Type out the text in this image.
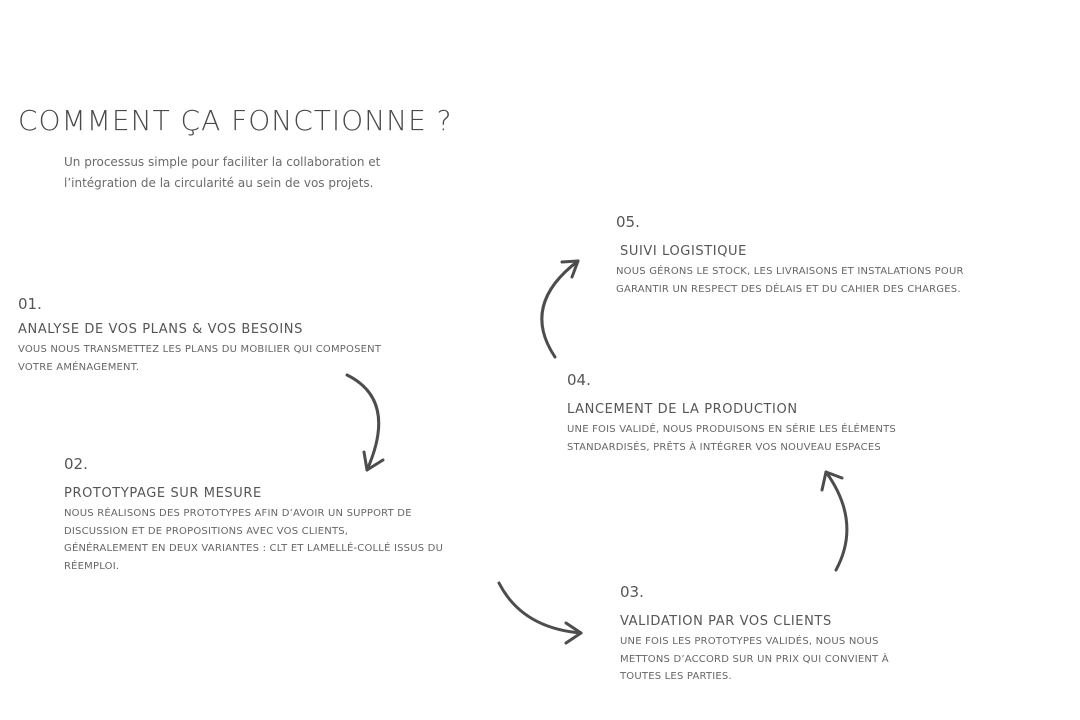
COMMENT ÇA FONCTIONNE ?
Un processus simple pour faciliter la collaboration et
l’intégration de la circularité au sein de vos projets.
01.
ANALYSE DE VOS PLANS & VOS BESOINS
VOUS NOUS TRANSMETTEZ LES PLANS DU MOBILIER QUI COMPOSENT
VOTRE AMÉNAGEMENT.
02.
PROTOTYPAGE SUR MESURE
NOUS RÉALISONS DES PROTOTYPES AFIN D’AVOIR UN SUPPORT DE
DISCUSSION ET DE PROPOSITIONS AVEC VOS CLIENTS,
GÉNÉRALEMENT EN DEUX VARIANTES : CLT ET LAMELLÉ-COLLÉ ISSUS DU
RÉEMPLOI.
03.
VALIDATION PAR VOS CLIENTS
UNE FOIS LES PROTOTYPES VALIDÉS, NOUS NOUS
METTONS D’ACCORD SUR UN PRIX QUI CONVIENT À
TOUTES LES PARTIES.
04.
LANCEMENT DE LA PRODUCTION
UNE FOIS VALIDÉ, NOUS PRODUISONS EN SÉRIE LES ÉLÉMENTS
STANDARDISÉS, PRÊTS À INTÉGRER VOS NOUVEAU ESPACES
05.
SUIVI LOGISTIQUE
NOUS GÉRONS LE STOCK, LES LIVRAISONS ET INSTALATIONS POUR
GARANTIR UN RESPECT DES DÉLAIS ET DU CAHIER DES CHARGES.
